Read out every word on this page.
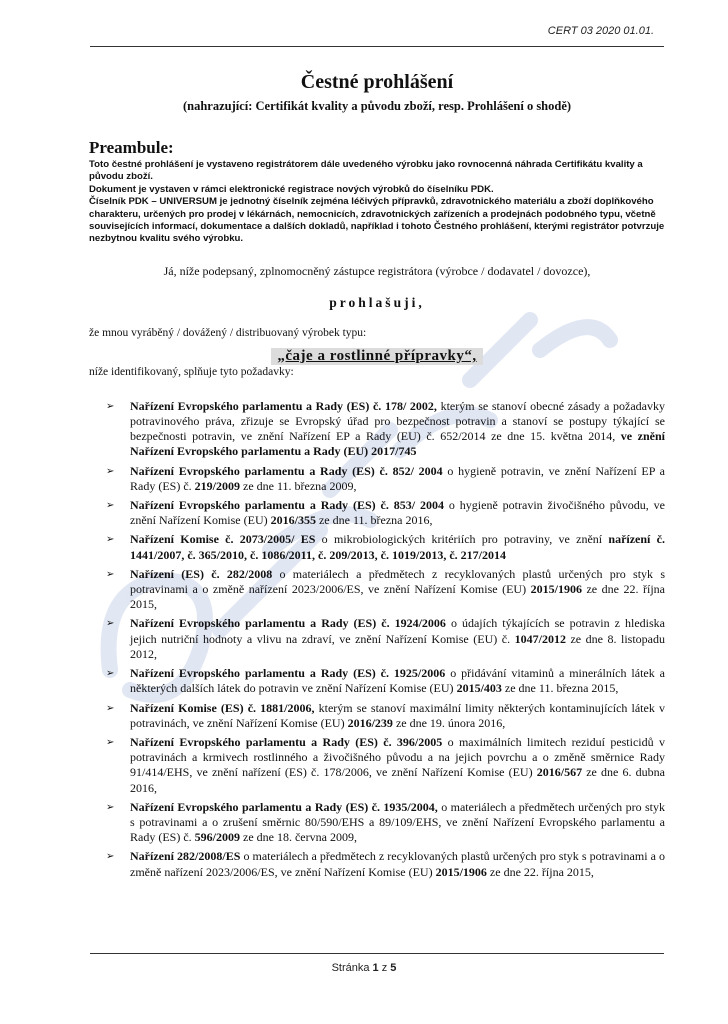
CERT 03 2020 01.01.
Čestné prohlášení
(nahrazující: Certifikát kvality a původu zboží, resp. Prohlášení o shodě)
Preambule:

Toto čestné prohlášení je vystaveno registrátorem dále uvedeného výrobku jako rovnocenná náhrada Certifikátu kvality a původu zboží.

Dokument je vystaven v rámci elektronické registrace nových výrobků do číselníku PDK.

Číselník PDK – UNIVERSUM je jednotný číselník zejména léčivých přípravků, zdravotnického materiálu a zboží doplňkového charakteru, určených pro prodej v lékárnách, nemocnicích, zdravotnických zařízeních a prodejnách podobného typu, včetně souvisejících informací, dokumentace a dalších dokladů, například i tohoto Čestného prohlášení, kterými registrátor potvrzuje nezbytnou kvalitu svého výrobku.

Já, níže podepsaný, zplnomocněný zástupce registrátora (výrobce / dodavatel / dovozce),
prohlašuji,
že mnou vyráběný / dovážený / distribuovaný výrobek typu:
„čaje a rostlinné přípravky“,
níže identifikovaný, splňuje tyto požadavky:
➢ Nařízení Evropského parlamentu a Rady (ES) č. 178/ 2002, kterým se stanoví obecné zásady a požadavky potravinového práva, zřizuje se Evropský úřad pro bezpečnost potravin a stanoví se postupy týkající se bezpečnosti potravin, ve znění Nařízení EP a Rady (EU) č. 652/2014 ze dne 15. května 2014, ve znění Nařízení Evropského parlamentu a Rady (EU) 2017/745
➢ Nařízení Evropského parlamentu a Rady (ES) č. 852/ 2004 o hygieně potravin, ve znění Nařízení EP a Rady (ES) č. 219/2009 ze dne 11. března 2009,
➢ Nařízení Evropského parlamentu a Rady (ES) č. 853/ 2004 o hygieně potravin živočišného původu, ve znění Nařízení Komise (EU) 2016/355 ze dne 11. března 2016,
➢ Nařízení Komise č. 2073/2005/ ES o mikrobiologických kritériích pro potraviny, ve znění nařízení č. 1441/2007, č. 365/2010, č. 1086/2011, č. 209/2013, č. 1019/2013, č. 217/2014
➢ Nařízení (ES) č. 282/2008 o materiálech a předmětech z recyklovaných plastů určených pro styk s potravinami a o změně nařízení 2023/2006/ES, ve znění Nařízení Komise (EU) 2015/1906 ze dne 22. října 2015,
➢ Nařízení Evropského parlamentu a Rady (ES) č. 1924/2006 o údajích týkajících se potravin z hlediska jejich nutriční hodnoty a vlivu na zdraví, ve znění Nařízení Komise (EU) č. 1047/2012 ze dne 8. listopadu 2012,
➢ Nařízení Evropského parlamentu a Rady (ES) č. 1925/2006 o přidávání vitaminů a minerálních látek a některých dalších látek do potravin ve znění Nařízení Komise (EU) 2015/403 ze dne 11. března 2015,
➢ Nařízení Komise (ES) č. 1881/2006, kterým se stanoví maximální limity některých kontaminujících látek v potravinách, ve znění Nařízení Komise (EU) 2016/239 ze dne 19. února 2016,
➢ Nařízení Evropského parlamentu a Rady (ES) č. 396/2005 o maximálních limitech reziduí pesticidů v potravinách a krmivech rostlinného a živočišného původu a na jejich povrchu a o změně směrnice Rady 91/414/EHS, ve znění nařízení (ES) č. 178/2006, ve znění Nařízení Komise (EU) 2016/567 ze dne 6. dubna 2016,
➢ Nařízení Evropského parlamentu a Rady (ES) č. 1935/2004, o materiálech a předmětech určených pro styk s potravinami a o zrušení směrnic 80/590/EHS a 89/109/EHS, ve znění Nařízení Evropského parlamentu a Rady (ES) č. 596/2009 ze dne 18. června 2009,
➢ Nařízení 282/2008/ES o materiálech a předmětech z recyklovaných plastů určených pro styk s potravinami a o změně nařízení 2023/2006/ES, ve znění Nařízení Komise (EU) 2015/1906 ze dne 22. října 2015,
Stránka 1 z 5
